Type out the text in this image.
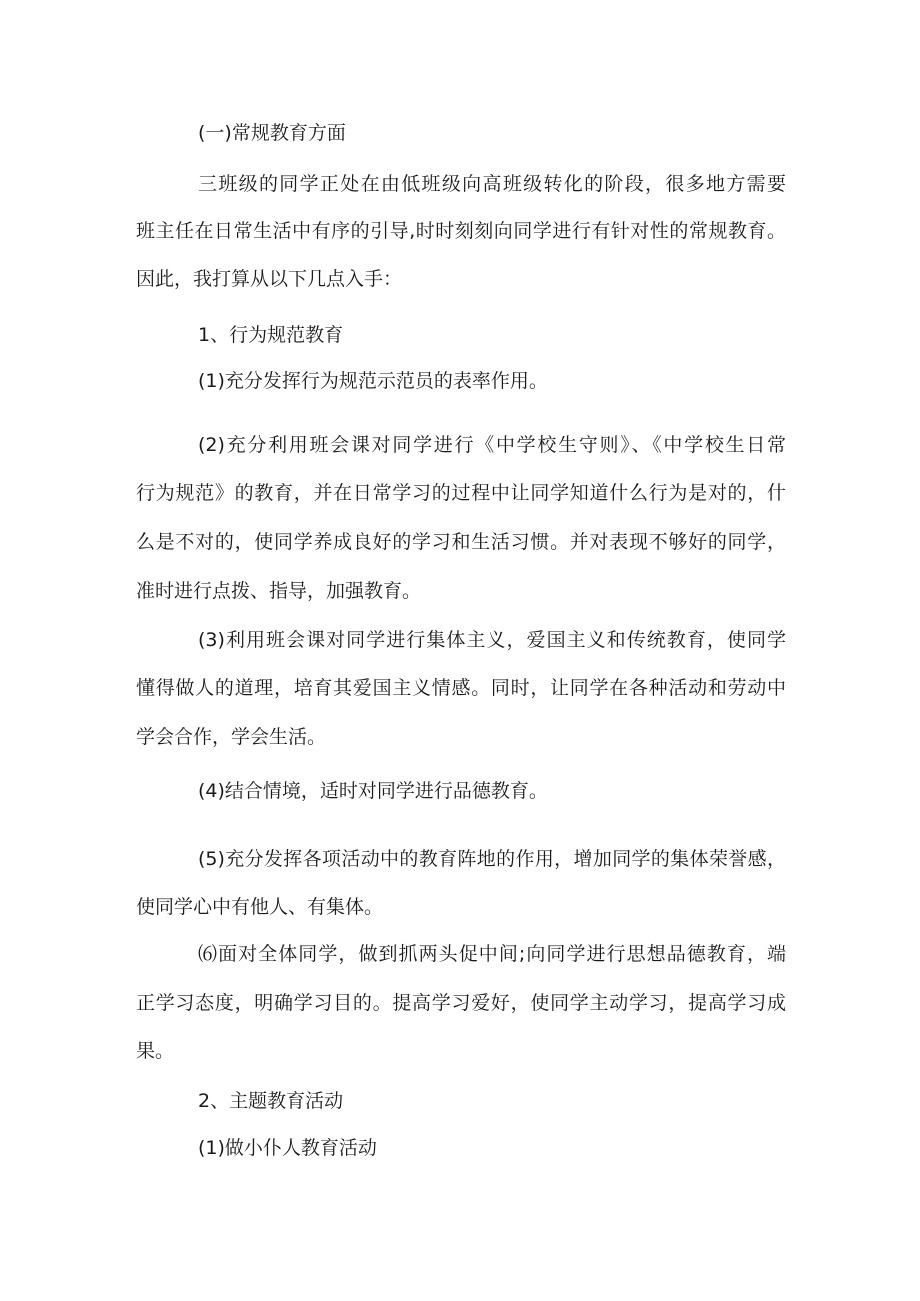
(一)常规教育方面
三班级的同学正处在由低班级向高班级转化的阶段，很多地方需要
班主任在日常生活中有序的引导,时时刻刻向同学进行有针对性的常规教育。
因此，我打算从以下几点入手：
1、行为规范教育
(1)充分发挥行为规范示范员的表率作用。
(2)充分利用班会课对同学进行《中学校生守则》、《中学校生日常
行为规范》的教育，并在日常学习的过程中让同学知道什么行为是对的，什
么是不对的，使同学养成良好的学习和生活习惯。并对表现不够好的同学，
准时进行点拨、指导，加强教育。
(3)利用班会课对同学进行集体主义，爱国主义和传统教育，使同学
懂得做人的道理，培育其爱国主义情感。同时，让同学在各种活动和劳动中
学会合作，学会生活。
(4)结合情境，适时对同学进行品德教育。
(5)充分发挥各项活动中的教育阵地的作用，增加同学的集体荣誉感，
使同学心中有他人、有集体。
⑹面对全体同学，做到抓两头促中间;向同学进行思想品德教育，端
正学习态度，明确学习目的。提高学习爱好，使同学主动学习，提高学习成
果。
2、主题教育活动
(1)做小仆人教育活动
